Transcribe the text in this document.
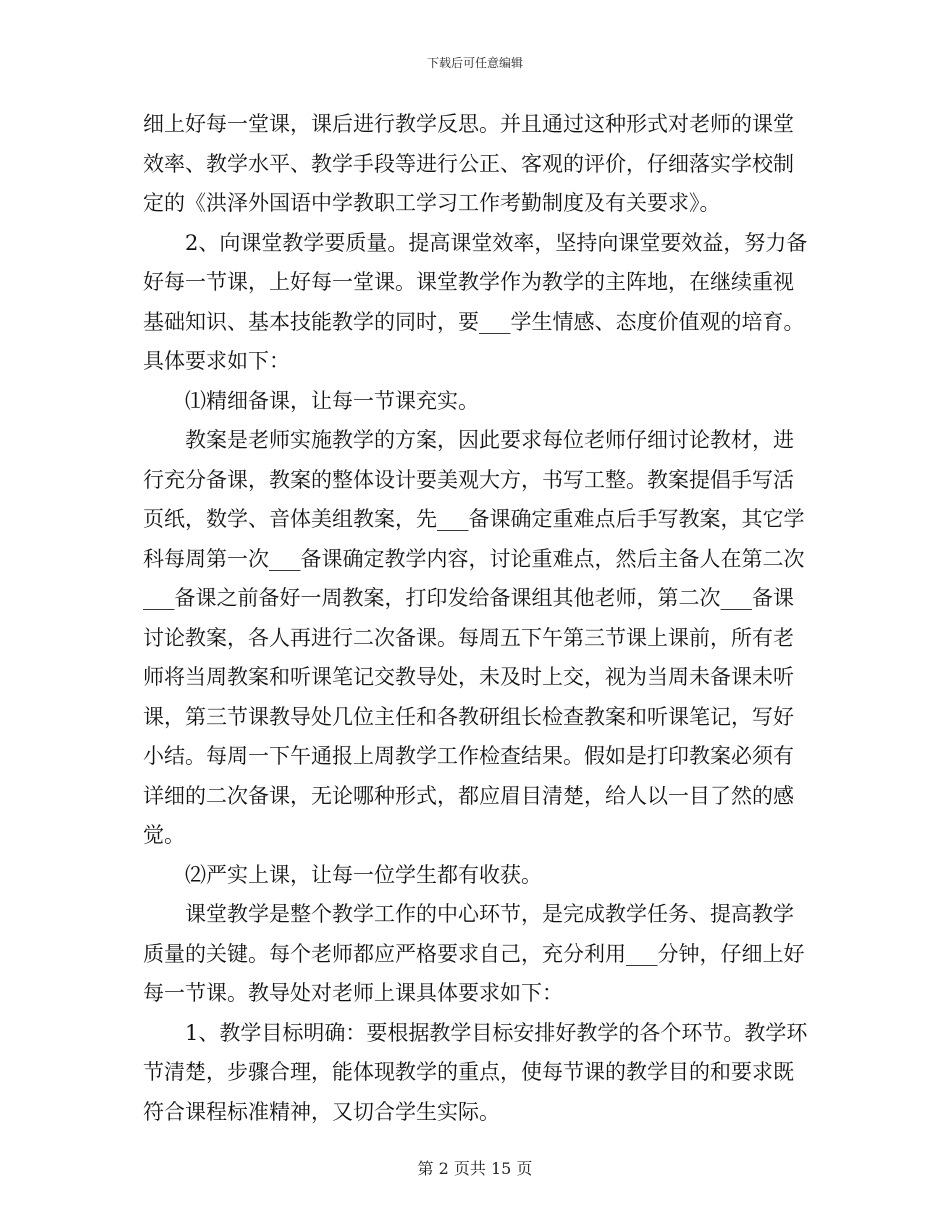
下载后可任意编辑

细上好每一堂课，课后进行教学反思。并且通过这种形式对老师的课堂效率、教学水平、教学手段等进行公正、客观的评价，仔细落实学校制定的《洪泽外国语中学教职工学习工作考勤制度及有关要求》。

2、向课堂教学要质量。提高课堂效率，坚持向课堂要效益，努力备好每一节课，上好每一堂课。课堂教学作为教学的主阵地，在继续重视基础知识、基本技能教学的同时，要___学生情感、态度价值观的培育。具体要求如下：

⑴精细备课，让每一节课充实。

教案是老师实施教学的方案，因此要求每位老师仔细讨论教材，进行充分备课，教案的整体设计要美观大方，书写工整。教案提倡手写活页纸，数学、音体美组教案，先___备课确定重难点后手写教案，其它学科每周第一次___备课确定教学内容，讨论重难点，然后主备人在第二次___备课之前备好一周教案，打印发给备课组其他老师，第二次___备课讨论教案，各人再进行二次备课。每周五下午第三节课上课前，所有老师将当周教案和听课笔记交教导处，未及时上交，视为当周未备课未听课，第三节课教导处几位主任和各教研组长检查教案和听课笔记，写好小结。每周一下午通报上周教学工作检查结果。假如是打印教案必须有详细的二次备课，无论哪种形式，都应眉目清楚，给人以一目了然的感觉。

⑵严实上课，让每一位学生都有收获。

课堂教学是整个教学工作的中心环节，是完成教学任务、提高教学质量的关键。每个老师都应严格要求自己，充分利用___分钟，仔细上好每一节课。教导处对老师上课具体要求如下：

1、教学目标明确：要根据教学目标安排好教学的各个环节。教学环节清楚，步骤合理，能体现教学的重点，使每节课的教学目的和要求既符合课程标准精神，又切合学生实际。

第 2 页共 15 页
